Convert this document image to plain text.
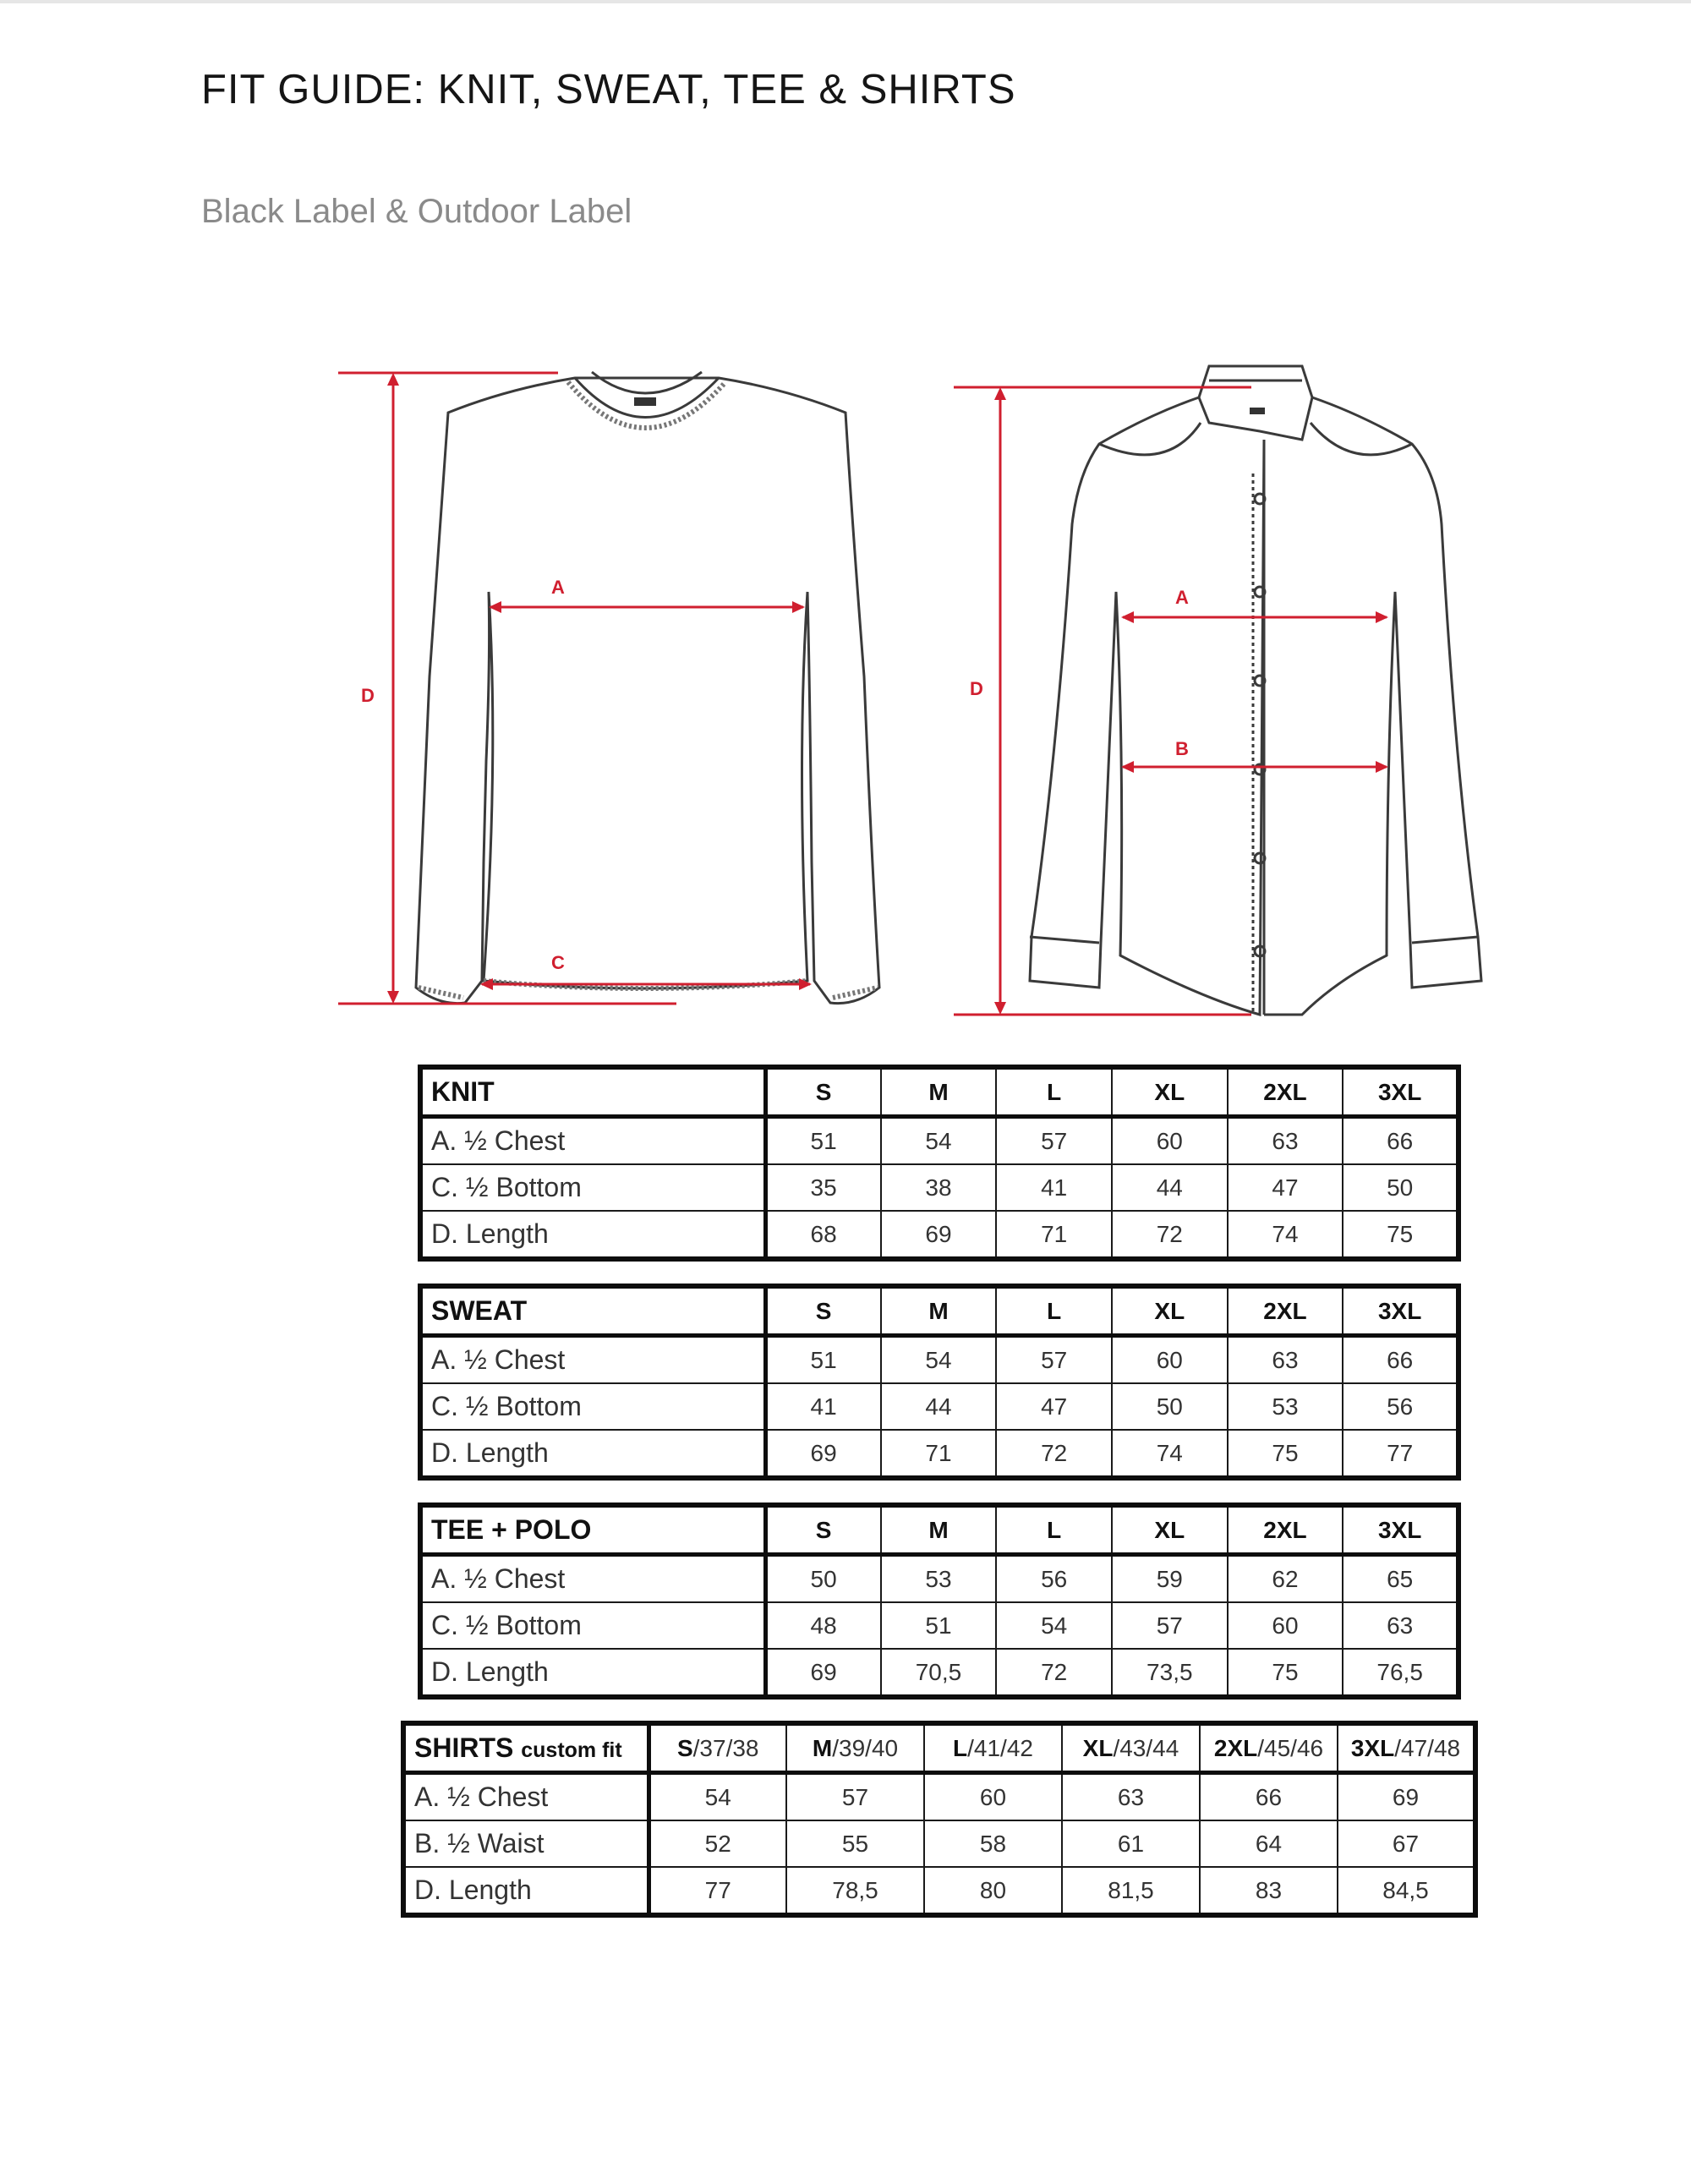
FIT GUIDE: KNIT, SWEAT, TEE & SHIRTS

Black Label & Outdoor Label

A
C
D
A
B
D
KNIT	S	M	L	XL	2XL	3XL
A. ½ Chest	51	54	57	60	63	66
C. ½ Bottom	35	38	41	44	47	50
D. Length	68	69	71	72	74	75
SWEAT	S	M	L	XL	2XL	3XL
A. ½ Chest	51	54	57	60	63	66
C. ½ Bottom	41	44	47	50	53	56
D. Length	69	71	72	74	75	77
TEE + POLO	S	M	L	XL	2XL	3XL
A. ½ Chest	50	53	56	59	62	65
C. ½ Bottom	48	51	54	57	60	63
D. Length	69	70,5	72	73,5	75	76,5
SHIRTS custom fit	S/37/38	M/39/40	L/41/42	XL/43/44	2XL/45/46	3XL/47/48
A. ½ Chest	54	57	60	63	66	69
B. ½ Waist	52	55	58	61	64	67
D. Length	77	78,5	80	81,5	83	84,5
